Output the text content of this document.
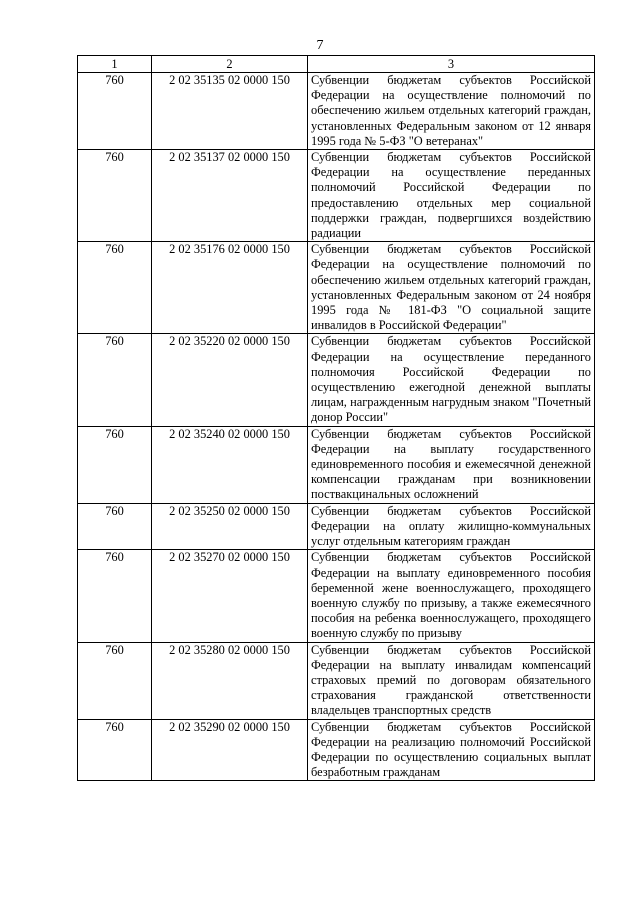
7
1	2	3
760	2 02 35135 02 0000 150	Субвенции бюджетам субъектов Российской Федерации на осуществление полномочий по обеспечению жильем отдельных категорий граждан, установленных Федеральным законом от 12 января 1995 года № 5-ФЗ "О ветеранах"
760	2 02 35137 02 0000 150	Субвенции бюджетам субъектов Российской Федерации на осуществление переданных полномочий Российской Федерации по предоставлению отдельных мер социальной поддержки граждан, подвергшихся воздействию радиации
760	2 02 35176 02 0000 150	Субвенции бюджетам субъектов Российской Федерации на осуществление полномочий по обеспечению жильем отдельных категорий граждан, установленных Федеральным законом от 24 ноября 1995 года № 181-ФЗ "О социальной защите инвалидов в Российской Федерации"
760	2 02 35220 02 0000 150	Субвенции бюджетам субъектов Российской Федерации на осуществление переданного полномочия Российской Федерации по осуществлению ежегодной денежной выплаты лицам, награжденным нагрудным знаком "Почетный донор России"
760	2 02 35240 02 0000 150	Субвенции бюджетам субъектов Российской Федерации на выплату государственного единовременного пособия и ежемесячной денежной компенсации гражданам при возникновении поствакцинальных осложнений
760	2 02 35250 02 0000 150	Субвенции бюджетам субъектов Российской Федерации на оплату жилищно-коммунальных услуг отдельным категориям граждан
760	2 02 35270 02 0000 150	Субвенции бюджетам субъектов Российской Федерации на выплату единовременного пособия беременной жене военнослужащего, проходящего военную службу по призыву, а также ежемесячного пособия на ребенка военнослужащего, проходящего военную службу по призыву
760	2 02 35280 02 0000 150	Субвенции бюджетам субъектов Российской Федерации на выплату инвалидам компенсаций страховых премий по договорам обязательного страхования гражданской ответственности владельцев транспортных средств
760	2 02 35290 02 0000 150	Субвенции бюджетам субъектов Российской Федерации на реализацию полномочий Российской Федерации по осуществлению социальных выплат безработным гражданам
